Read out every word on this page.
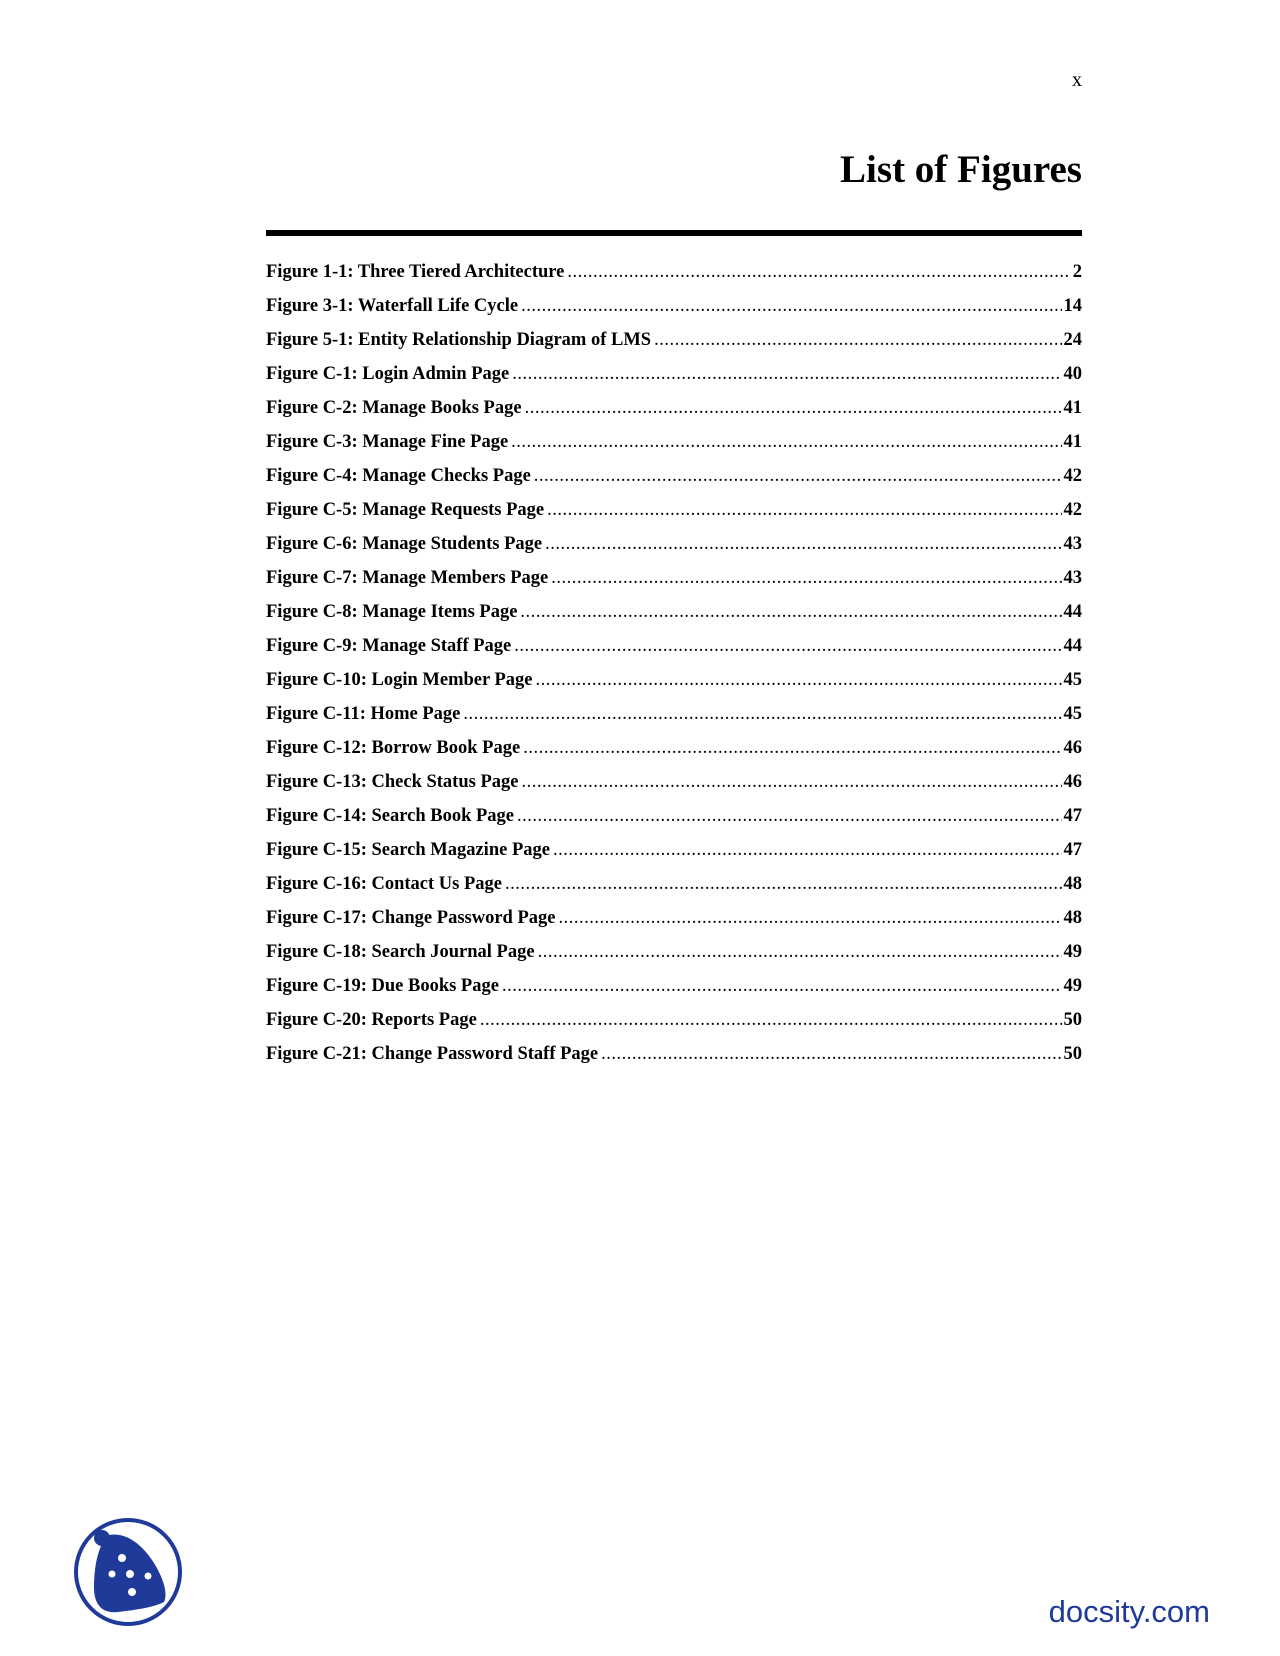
x
List of Figures
Figure 1-1: Three Tiered Architecture .....	2
Figure 3-1: Waterfall Life Cycle .....	14
Figure 5-1: Entity Relationship Diagram of LMS .....	24
Figure C-1: Login Admin Page .....	40
Figure C-2: Manage Books Page .....	41
Figure C-3: Manage Fine Page .....	41
Figure C-4: Manage Checks Page .....	42
Figure C-5: Manage Requests Page .....	42
Figure C-6: Manage Students Page .....	43
Figure C-7: Manage Members Page .....	43
Figure C-8: Manage Items Page .....	44
Figure C-9: Manage Staff Page .....	44
Figure C-10: Login Member Page .....	45
Figure C-11: Home Page .....	45
Figure C-12: Borrow Book Page .....	46
Figure C-13: Check Status Page .....	46
Figure C-14: Search Book Page .....	47
Figure C-15: Search Magazine Page .....	47
Figure C-16: Contact Us Page .....	48
Figure C-17: Change Password Page .....	48
Figure C-18: Search Journal Page .....	49
Figure C-19: Due Books Page .....	49
Figure C-20: Reports Page .....	50
Figure C-21: Change Password Staff Page .....	50
docsity.com
